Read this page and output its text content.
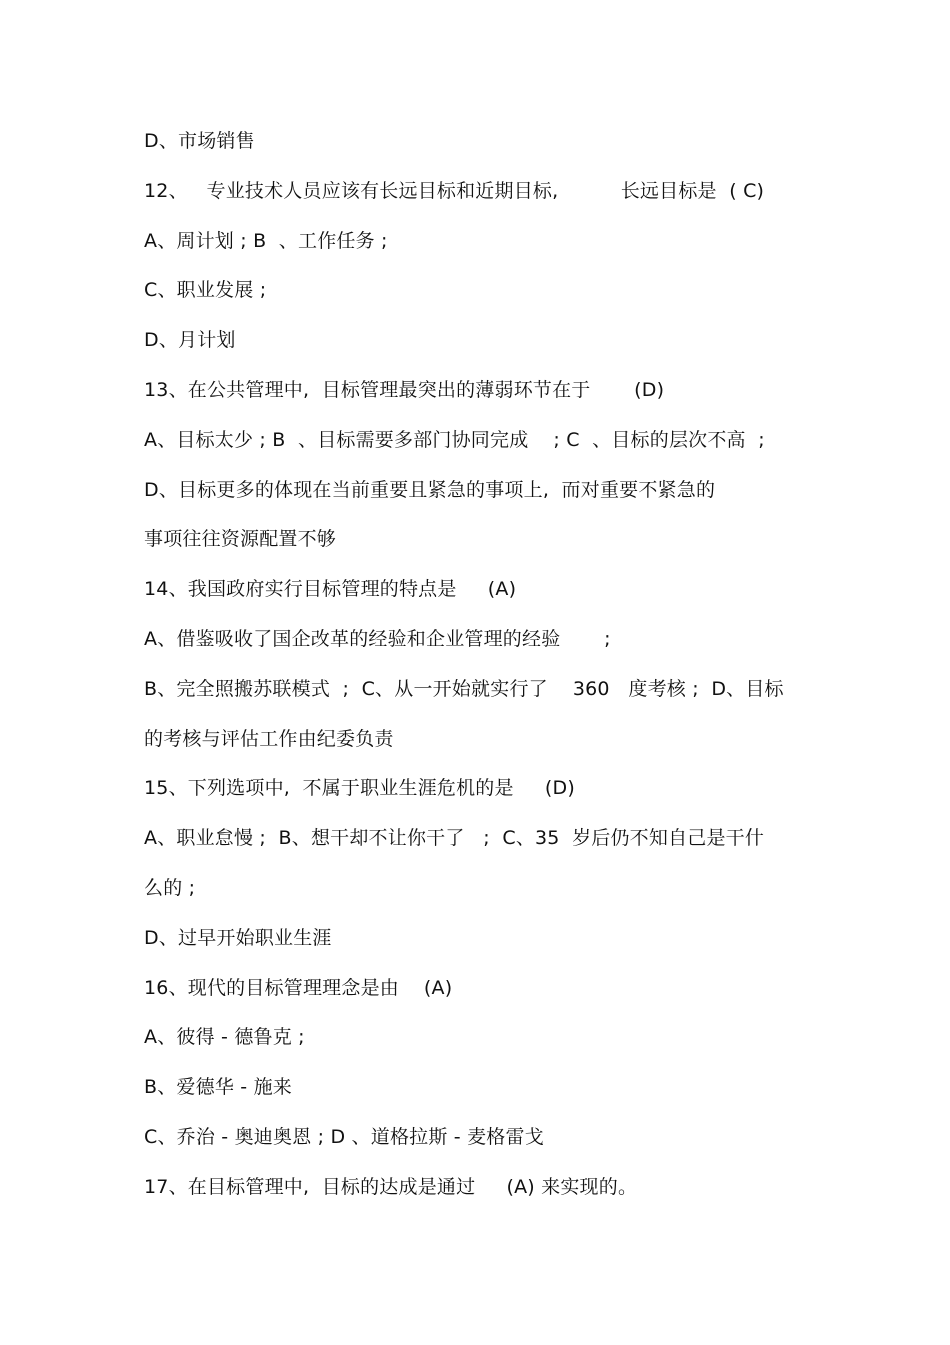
D、市场销售
12、   专业技术人员应该有长远目标和近期目标,          长远目标是  ( C)
A、周计划 ; B  、工作任务 ;
C、职业发展 ;
D、月计划
13、在公共管理中,  目标管理最突出的薄弱环节在于       (D)
A、目标太少 ; B  、目标需要多部门协同完成    ; C  、目标的层次不高  ;
D、目标更多的体现在当前重要且紧急的事项上,  而对重要不紧急的
事项往往资源配置不够
14、我国政府实行目标管理的特点是     (A)
A、借鉴吸收了国企改革的经验和企业管理的经验       ;
B、完全照搬苏联模式  ;  C、从一开始就实行了    360   度考核 ;  D、目标
的考核与评估工作由纪委负责
15、下列选项中,  不属于职业生涯危机的是     (D)
A、职业怠慢 ;  B、想干却不让你干了   ;  C、35  岁后仍不知自己是干什
么的 ;
D、过早开始职业生涯
16、现代的目标管理理念是由    (A)
A、彼得 - 德鲁克 ;
B、爱德华 - 施来
C、乔治 - 奥迪奥恩 ; D 、道格拉斯 - 麦格雷戈
17、在目标管理中,  目标的达成是通过     (A) 来实现的。
